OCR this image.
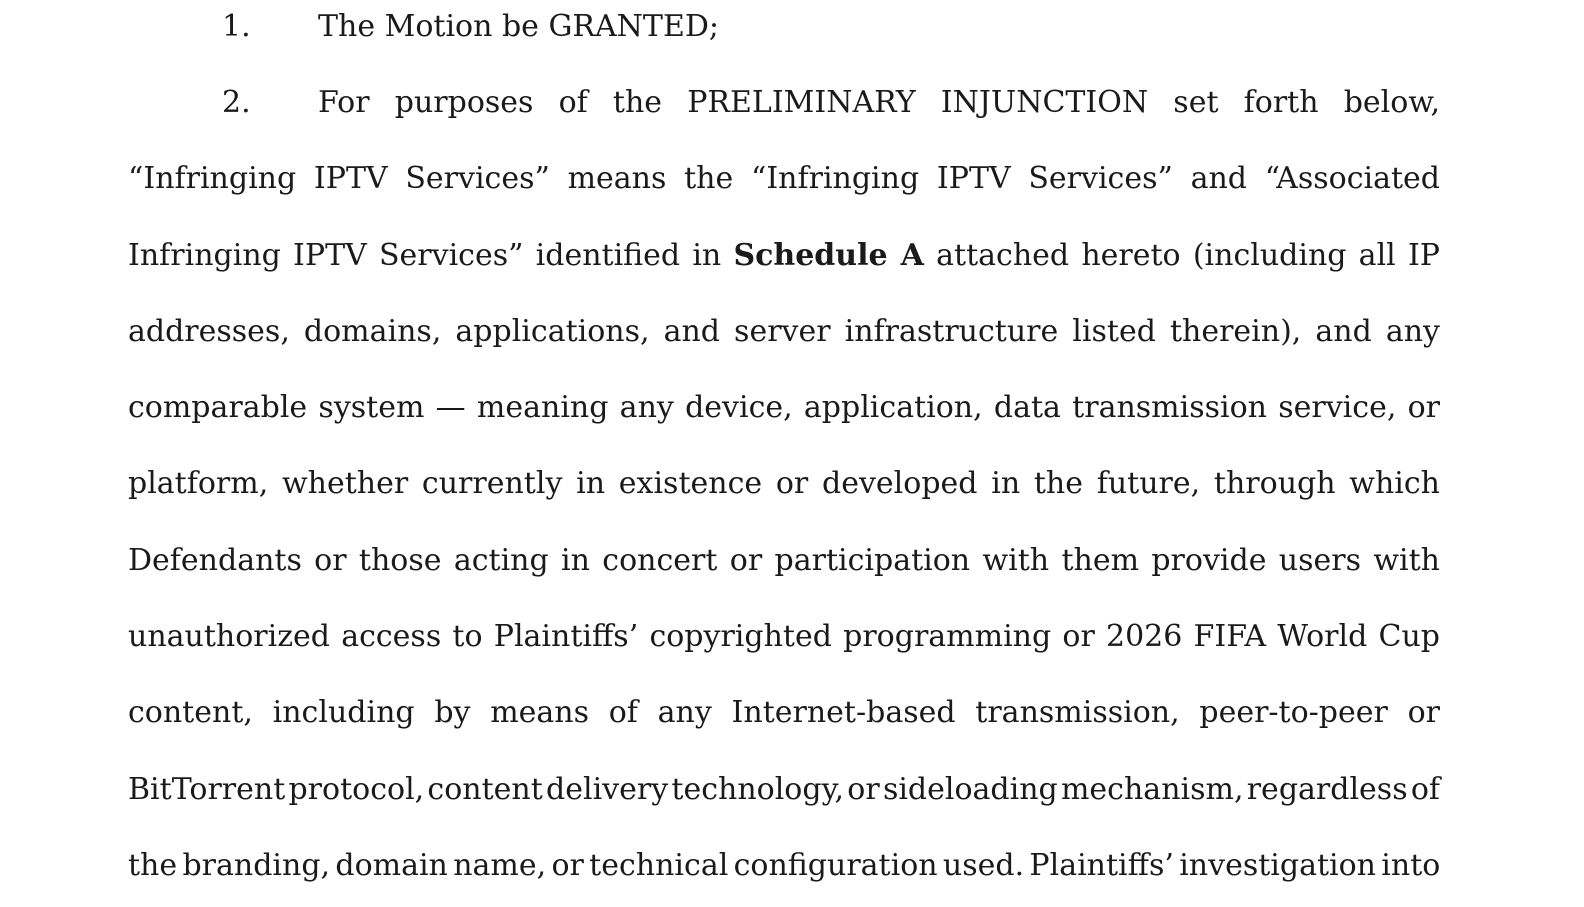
1. The Motion be GRANTED;
2. For purposes of the PRELIMINARY INJUNCTION set forth below,
“Infringing IPTV Services” means the “Infringing IPTV Services” and “Associated
Infringing IPTV Services” identified in Schedule A attached hereto (including all IP
addresses, domains, applications, and server infrastructure listed therein), and any
comparable system — meaning any device, application, data transmission service, or
platform, whether currently in existence or developed in the future, through which
Defendants or those acting in concert or participation with them provide users with
unauthorized access to Plaintiffs’ copyrighted programming or 2026 FIFA World Cup
content, including by means of any Internet-based transmission, peer-to-peer or
BitTorrent protocol, content delivery technology, or sideloading mechanism, regardless of
the branding, domain name, or technical configuration used. Plaintiffs’ investigation into
